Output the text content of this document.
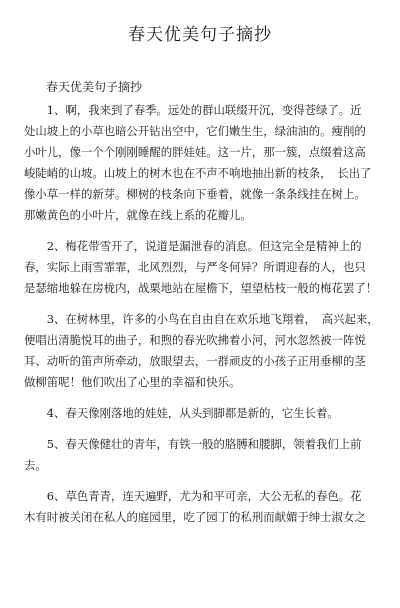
春天优美句子摘抄
春天优美句子摘抄
　　1、啊，我来到了春季。远处的群山联缀开沉，变得苍绿了。近
处山坡上的小草也暗公开钻出空中，它们嫩生生，绿油油的。瘦削的
小叶儿，像一个个刚刚睡醒的胖娃娃。这一片，那一簇，点缀着这高
峻陡峭的山坡。山坡上的树木也在不声不响地抽出新的枝条，　长出了
像小草一样的新芽。柳树的枝条向下垂着，就像一条条线挂在树上。
那嫩黄色的小叶片，就像在线上系的花瓣儿。
　　2、梅花带雪开了，说道是漏泄春的消息。但这完全是精神上的
春，实际上雨雪霏霏，北风烈烈，与严冬何异？所谓迎春的人，也只
是瑟缩地躲在房栊内，战栗地站在屋檐下，望望枯枝一般的梅花罢了！
　　3、在树林里，许多的小鸟在自由自在欢乐地飞翔着，　高兴起来，
便唱出清脆悦耳的曲子，和煦的春光吹拂着小河，河水忽然被一阵悦
耳、动听的笛声所牵动，放眼望去，一群顽皮的小孩子正用垂柳的茎
做柳笛呢！他们吹出了心里的幸福和快乐。
　　4、春天像刚落地的娃娃，从头到脚都是新的，它生长着。
　　5、春天像健壮的青年，有铁一般的胳膊和腰脚，领着我们上前
去。
　　6、草色青青，连天遍野，尤为和平可亲，大公无私的春色。花
木有时被关闭在私人的庭园里，吃了园丁的私刑而献媚于绅士淑女之
